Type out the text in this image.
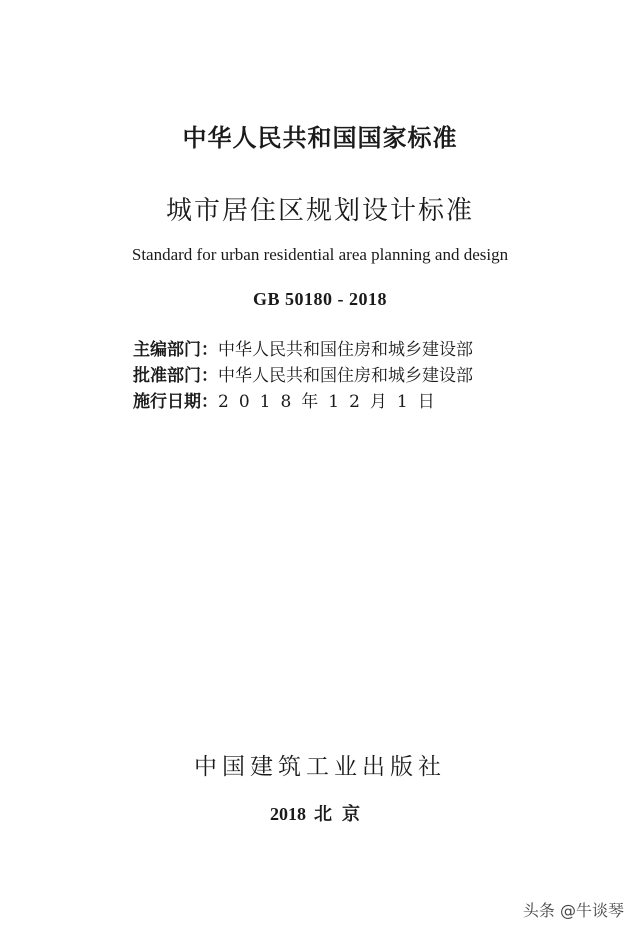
中华人民共和国国家标准
城市居住区规划设计标准
Standard for urban residential area planning and design
GB 50180 - 2018
主编部门：中华人民共和国住房和城乡建设部
批准部门：中华人民共和国住房和城乡建设部
施行日期：2018年12月1日
中国建筑工业出版社
2018 北京
头条 @牛谈琴
